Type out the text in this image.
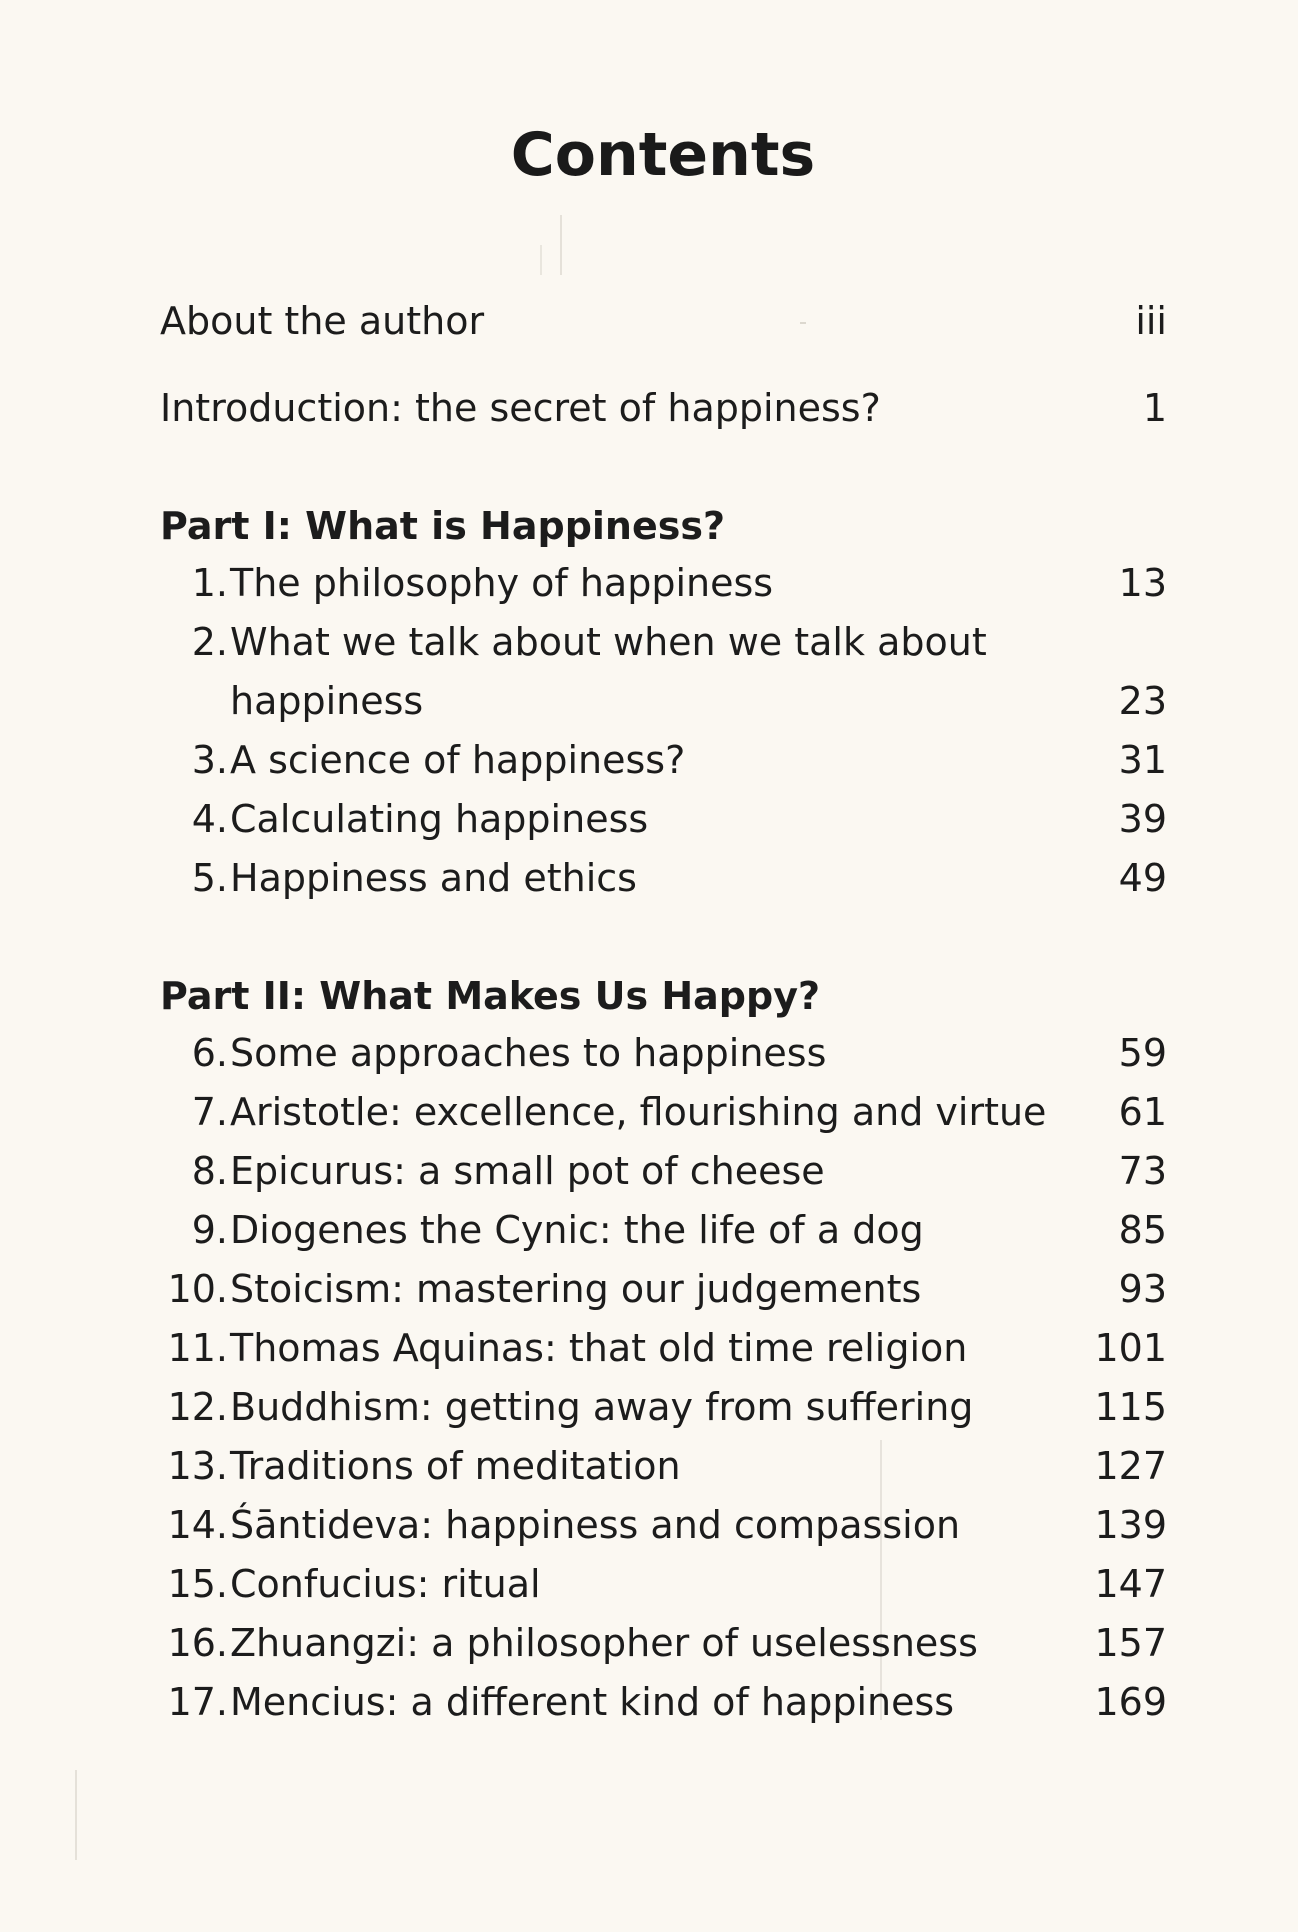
Contents
About the author	iii
Introduction: the secret of happiness?	1
Part I: What is Happiness?
1. The philosophy of happiness	13
2. What we talk about when we talk about
happiness	23
3. A science of happiness?	31
4. Calculating happiness	39
5. Happiness and ethics	49
Part II: What Makes Us Happy?
6. Some approaches to happiness	59
7. Aristotle: excellence, flourishing and virtue 61
8. Epicurus: a small pot of cheese	73
9. Diogenes the Cynic: the life of a dog	85
10. Stoicism: mastering our judgements	93
11. Thomas Aquinas: that old time religion	101
12. Buddhism: getting away from suffering	115
13. Traditions of meditation	127
14. Śāntideva: happiness and compassion	139
15. Confucius: ritual	147
16. Zhuangzi: a philosopher of uselessness	157
17. Mencius: a different kind of happiness	169
